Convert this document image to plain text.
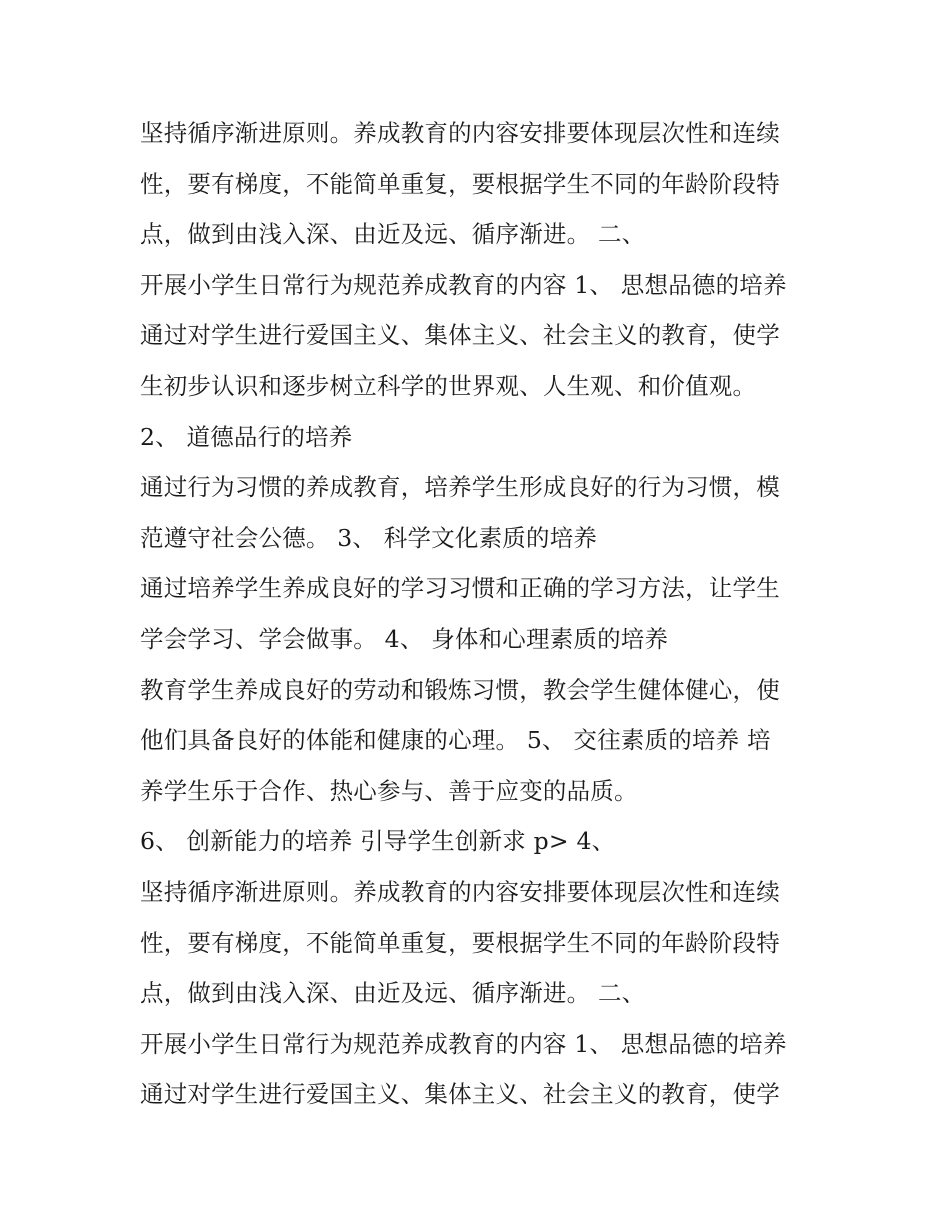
坚持循序渐进原则。养成教育的内容安排要体现层次性和连续
性，要有梯度，不能简单重复，要根据学生不同的年龄阶段特
点，做到由浅入深、由近及远、循序渐进。 二、
开展小学生日常行为规范养成教育的内容 1、 思想品德的培养
通过对学生进行爱国主义、集体主义、社会主义的教育，使学
生初步认识和逐步树立科学的世界观、人生观、和价值观。
2、 道德品行的培养
通过行为习惯的养成教育，培养学生形成良好的行为习惯，模
范遵守社会公德。 3、 科学文化素质的培养
通过培养学生养成良好的学习习惯和正确的学习方法，让学生
学会学习、学会做事。 4、 身体和心理素质的培养
教育学生养成良好的劳动和锻炼习惯，教会学生健体健心，使
他们具备良好的体能和健康的心理。 5、 交往素质的培养 培
养学生乐于合作、热心参与、善于应变的品质。
6、 创新能力的培养 引导学生创新求 p> 4、
坚持循序渐进原则。养成教育的内容安排要体现层次性和连续
性，要有梯度，不能简单重复，要根据学生不同的年龄阶段特
点，做到由浅入深、由近及远、循序渐进。 二、
开展小学生日常行为规范养成教育的内容 1、 思想品德的培养
通过对学生进行爱国主义、集体主义、社会主义的教育，使学
